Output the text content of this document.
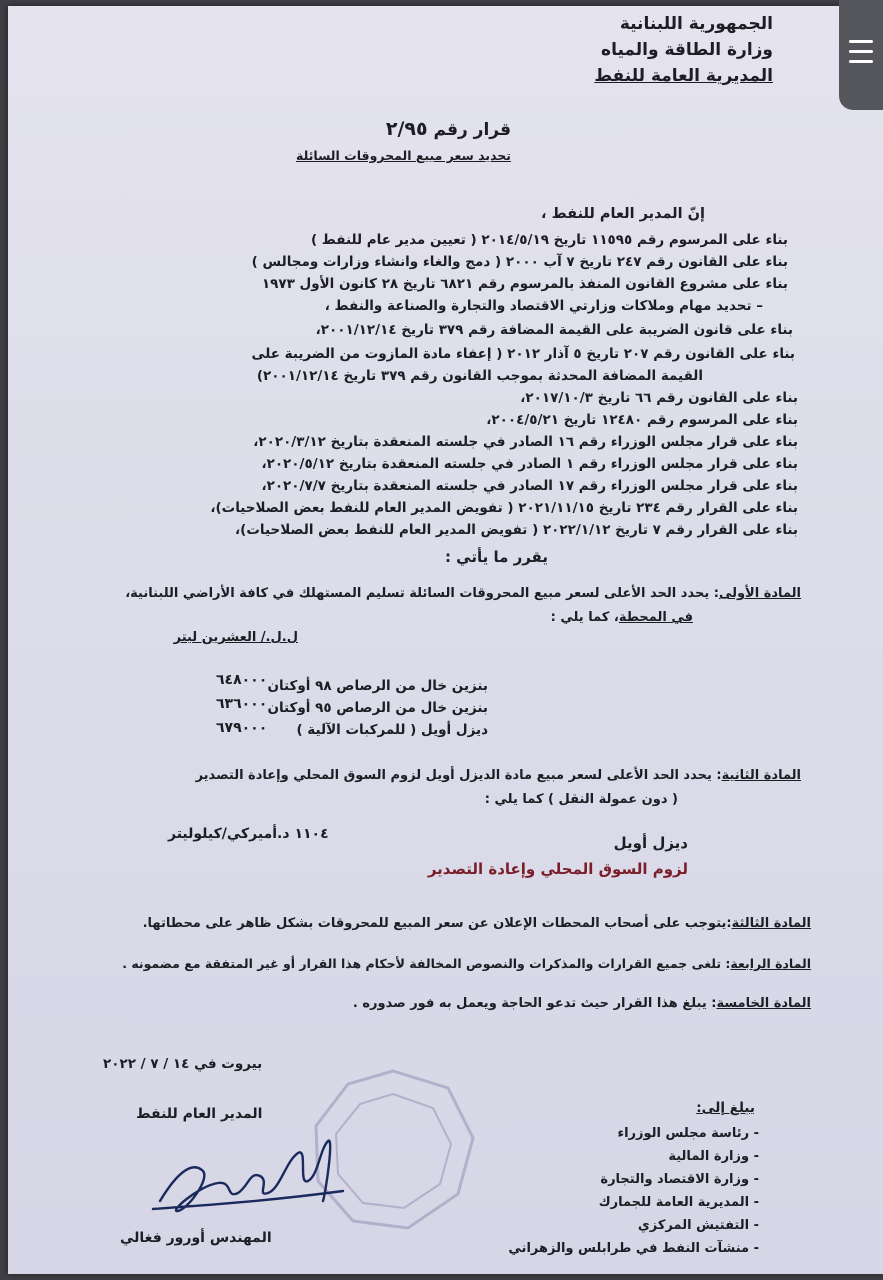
الجمهورية اللبنانية
وزارة الطاقة والمياه
المديرية العامة للنفط
قرار رقم ٢/٩٥
تحديد سعر مبيع المحروقات السائلة
إنّ المدير العام للنفط ،
بناء على المرسوم رقم ١١٥٩٥ تاريخ ٢٠١٤/٥/١٩ ( تعيين مدير عام للنفط )
بناء على القانون رقم ٢٤٧ تاريخ ٧ آب ٢٠٠٠ ( دمج والغاء وانشاء وزارات ومجالس )
بناء على مشروع القانون المنفذ بالمرسوم رقم ٦٨٢١ تاريخ ٢٨ كانون الأول ١٩٧٣
– تحديد مهام وملاكات وزارتي الاقتصاد والتجارة والصناعة والنفط ،
بناء على قانون الضريبة على القيمة المضافة رقم ٣٧٩ تاريخ ٢٠٠١/١٢/١٤،
بناء على القانون رقم ٢٠٧ تاريخ ٥ آذار ٢٠١٢ ( إعفاء مادة المازوت من الضريبة على
القيمة المضافة المحدثة بموجب القانون رقم ٣٧٩ تاريخ ٢٠٠١/١٢/١٤)
بناء على القانون رقم ٦٦ تاريخ ٢٠١٧/١٠/٣،
بناء على المرسوم رقم ١٢٤٨٠ تاريخ ٢٠٠٤/٥/٢١،
بناء على قرار مجلس الوزراء رقم ١٦ الصادر في جلسته المنعقدة بتاريخ ٢٠٢٠/٣/١٢،
بناء على قرار مجلس الوزراء رقم ١ الصادر في جلسته المنعقدة بتاريخ ٢٠٢٠/٥/١٢،
بناء على قرار مجلس الوزراء رقم ١٧ الصادر في جلسته المنعقدة بتاريخ ٢٠٢٠/٧/٧،
بناء على القرار رقم ٢٣٤ تاريخ ٢٠٢١/١١/١٥ ( تفويض المدير العام للنفط بعض الصلاحيات)،
بناء على القرار رقم ٧ تاريخ ٢٠٢٢/١/١٢ ( تفويض المدير العام للنفط بعض الصلاحيات)،
يقرر ما يأتي :
المادة الأولى: يحدد الحد الأعلى لسعر مبيع المحروقات السائلة تسليم المستهلك في كافة الأراضي اللبنانية،
في المحطة، كما يلي :
ل.ل./ العشرين ليتر
بنزين خال من الرصاص ٩٨ أوكتان
٦٤٨٠٠٠
بنزين خال من الرصاص ٩٥ أوكتان
٦٣٦٠٠٠
ديزل أويل ( للمركبات الآلية )
٦٧٩٠٠٠
المادة الثانية: يحدد الحد الأعلى لسعر مبيع مادة الديزل أويل لزوم السوق المحلي وإعادة التصدير
( دون عمولة النقل ) كما يلي :
ديزل أويل
١١٠٤ د.أميركي/كيلوليتر
لزوم السوق المحلي وإعادة التصدير
المادة الثالثة:يتوجب على أصحاب المحطات الإعلان عن سعر المبيع للمحروقات بشكل ظاهر على محطاتها.
المادة الرابعة: تلغى جميع القرارات والمذكرات والنصوص المخالفة لأحكام هذا القرار أو غير المتفقة مع مضمونه .
المادة الخامسة: يبلغ هذا القرار حيث تدعو الحاجة ويعمل به فور صدوره .
بيروت في ١٤ / ٧ / ٢٠٢٢
المدير العام للنفط
المهندس أورور فغالي
يبلغ إلى:
- رئاسة مجلس الوزراء
- وزارة المالية
- وزارة الاقتصاد والتجارة
- المديرية العامة للجمارك
- التفتيش المركزي
- منشآت النفط في طرابلس والزهراني
